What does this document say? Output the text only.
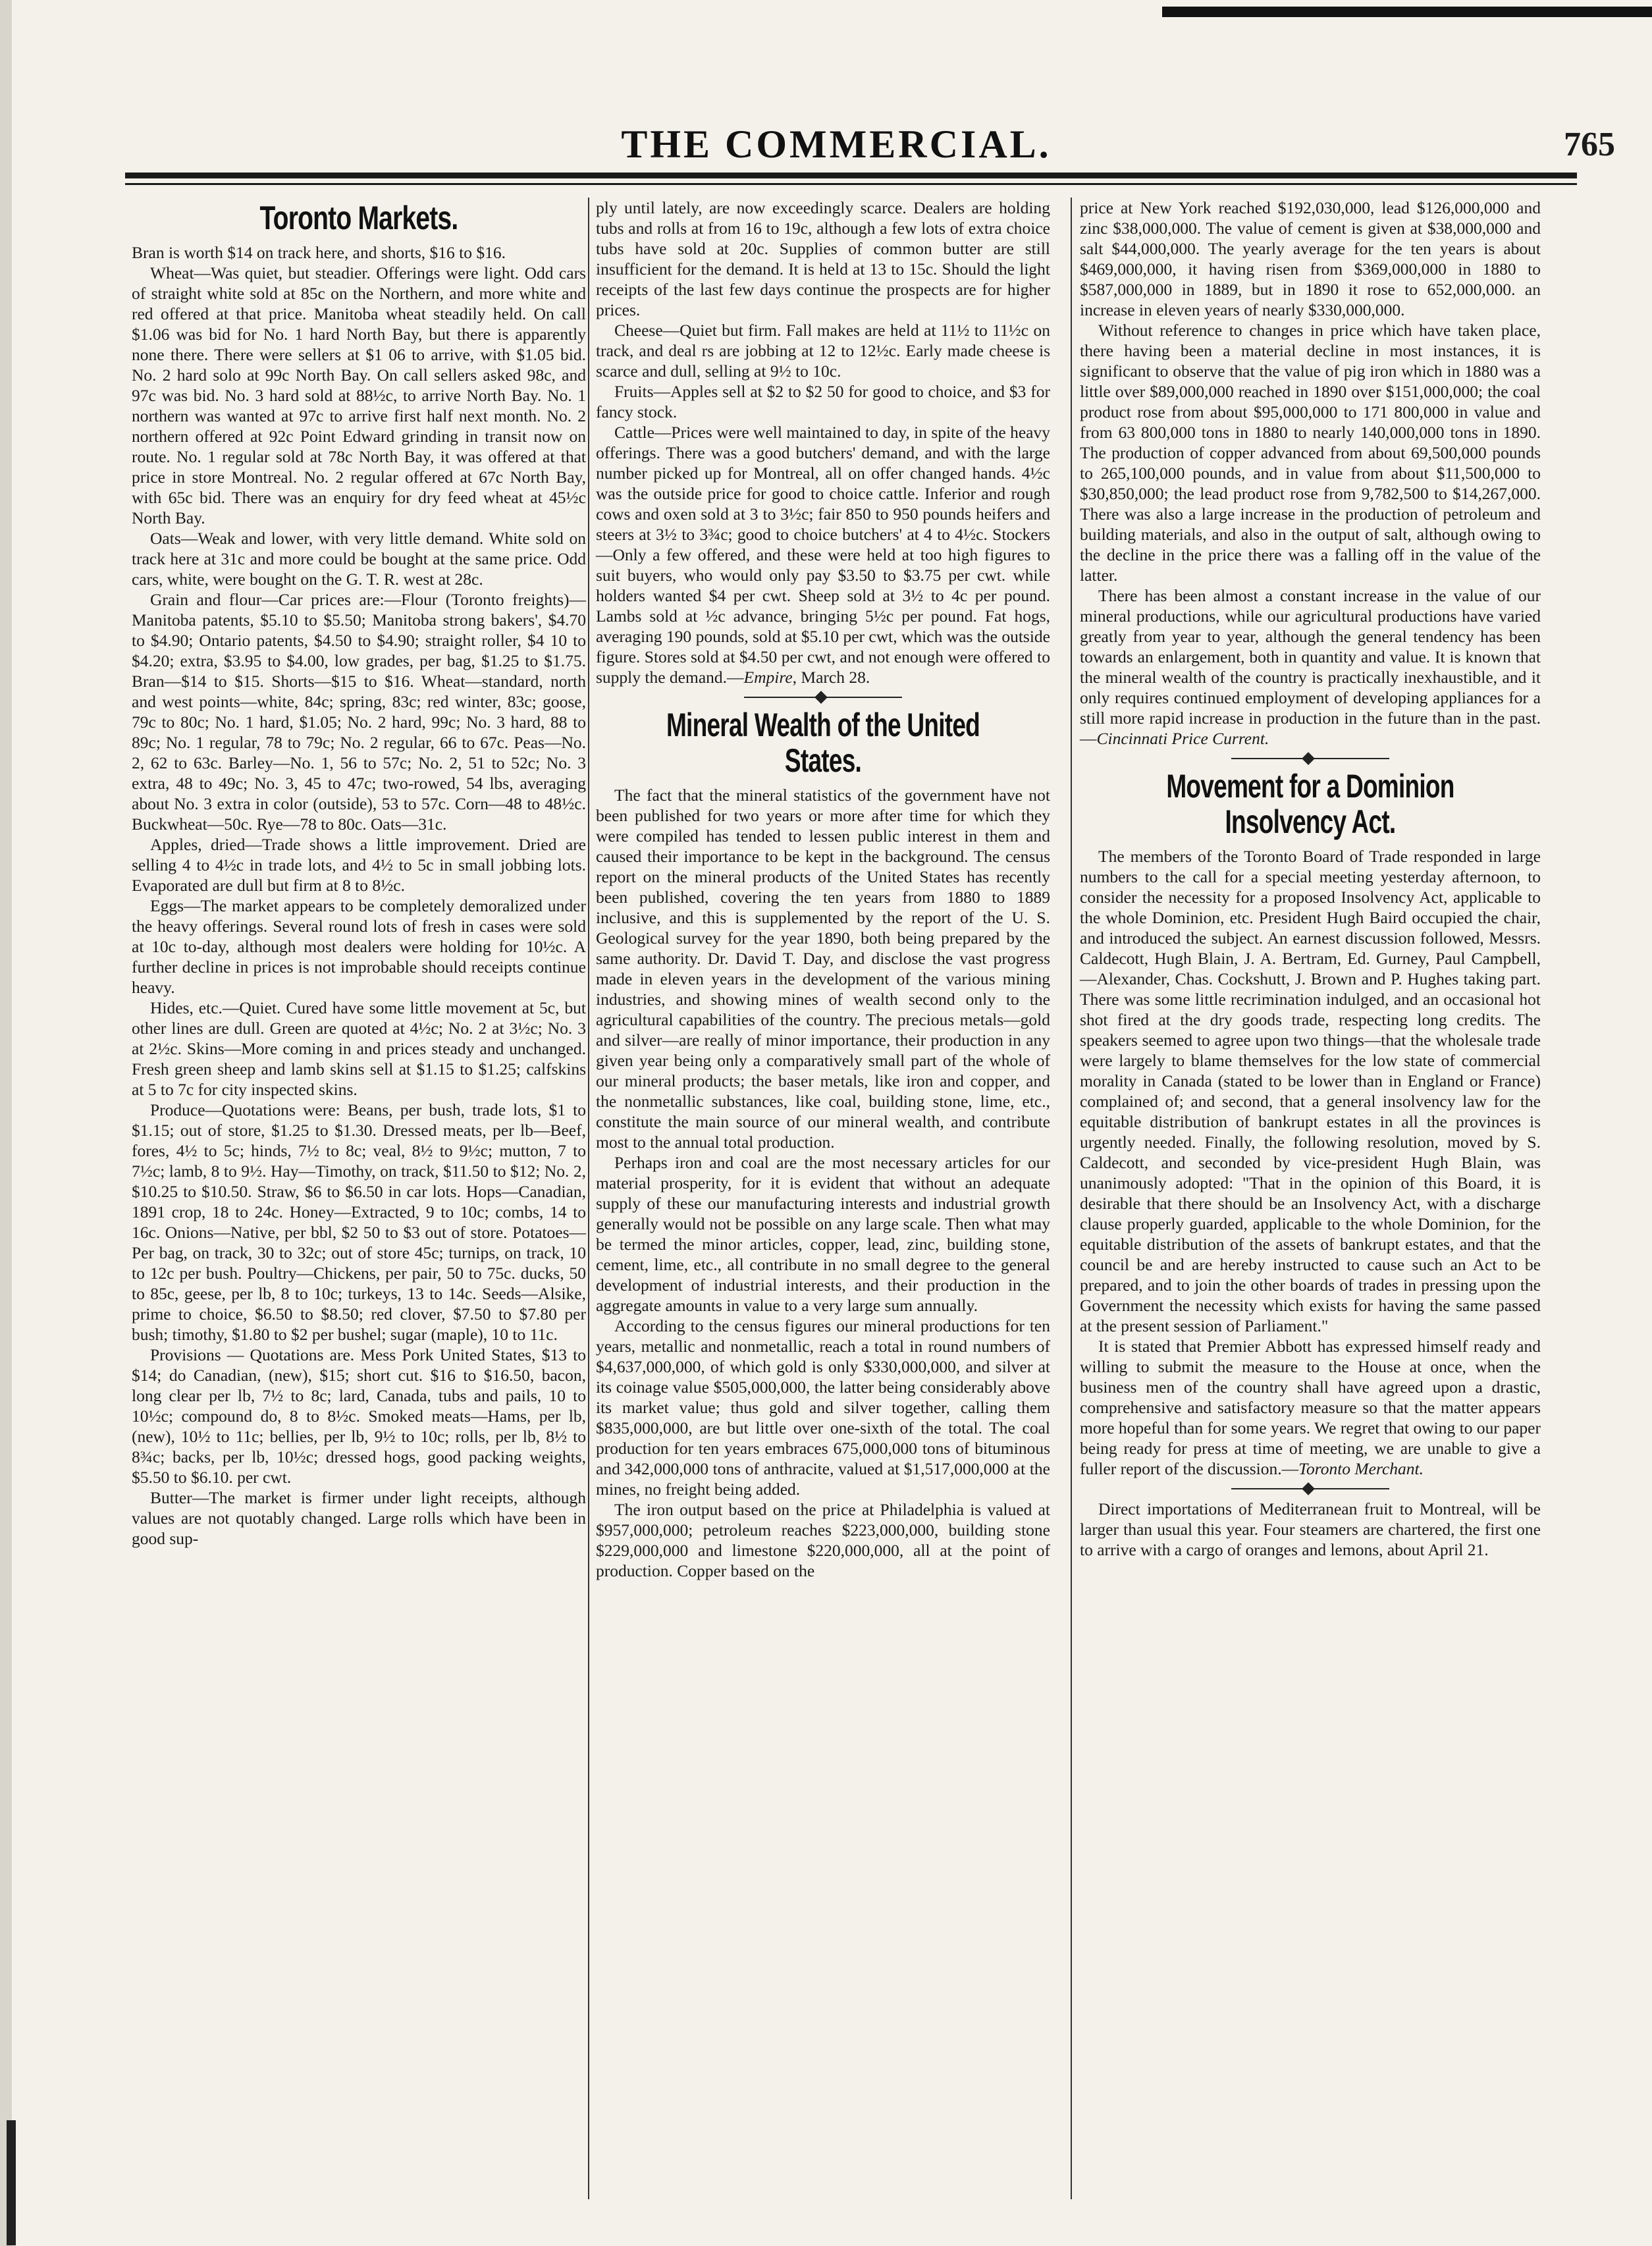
THE COMMERCIAL.	765
Toronto Markets.

Bran is worth $14 on track here, and shorts, $16 to $16.

Wheat—Was quiet, but steadier. Offerings were light. Odd cars of straight white sold at 85c on the Northern, and more white and red offered at that price. Manitoba wheat steadily held. On call $1.06 was bid for No. 1 hard North Bay, but there is apparently none there. There were sellers at $1 06 to arrive, with $1.05 bid. No. 2 hard solo at 99c North Bay. On call sellers asked 98c, and 97c was bid. No. 3 hard sold at 88½c, to arrive North Bay. No. 1 northern was wanted at 97c to arrive first half next month. No. 2 northern offered at 92c Point Edward grinding in transit now on route. No. 1 regular sold at 78c North Bay, it was offered at that price in store Montreal. No. 2 regular offered at 67c North Bay, with 65c bid. There was an enquiry for dry feed wheat at 45½c North Bay.

Oats—Weak and lower, with very little demand. White sold on track here at 31c and more could be bought at the same price. Odd cars, white, were bought on the G. T. R. west at 28c.

Grain and flour—Car prices are:—Flour (Toronto freights)—Manitoba patents, $5.10 to $5.50; Manitoba strong bakers', $4.70 to $4.90; Ontario patents, $4.50 to $4.90; straight roller, $4 10 to $4.20; extra, $3.95 to $4.00, low grades, per bag, $1.25 to $1.75. Bran—$14 to $15. Shorts—$15 to $16. Wheat—standard, north and west points—white, 84c; spring, 83c; red winter, 83c; goose, 79c to 80c; No. 1 hard, $1.05; No. 2 hard, 99c; No. 3 hard, 88 to 89c; No. 1 regular, 78 to 79c; No. 2 regular, 66 to 67c. Peas—No. 2, 62 to 63c. Barley—No. 1, 56 to 57c; No. 2, 51 to 52c; No. 3 extra, 48 to 49c; No. 3, 45 to 47c; two-rowed, 54 lbs, averaging about No. 3 extra in color (outside), 53 to 57c. Corn—48 to 48½c. Buckwheat—50c. Rye—78 to 80c. Oats—31c.

Apples, dried—Trade shows a little improvement. Dried are selling 4 to 4½c in trade lots, and 4½ to 5c in small jobbing lots. Evaporated are dull but firm at 8 to 8½c.

Eggs—The market appears to be completely demoralized under the heavy offerings. Several round lots of fresh in cases were sold at 10c to-day, although most dealers were holding for 10½c. A further decline in prices is not improbable should receipts continue heavy.

Hides, etc.—Quiet. Cured have some little movement at 5c, but other lines are dull. Green are quoted at 4½c; No. 2 at 3½c; No. 3 at 2½c. Skins—More coming in and prices steady and unchanged. Fresh green sheep and lamb skins sell at $1.15 to $1.25; calfskins at 5 to 7c for city inspected skins.

Produce—Quotations were: Beans, per bush, trade lots, $1 to $1.15; out of store, $1.25 to $1.30. Dressed meats, per lb—Beef, fores, 4½ to 5c; hinds, 7½ to 8c; veal, 8½ to 9½c; mutton, 7 to 7½c; lamb, 8 to 9½. Hay—Timothy, on track, $11.50 to $12; No. 2, $10.25 to $10.50. Straw, $6 to $6.50 in car lots. Hops—Canadian, 1891 crop, 18 to 24c. Honey—Extracted, 9 to 10c; combs, 14 to 16c. Onions—Native, per bbl, $2 50 to $3 out of store. Potatoes—Per bag, on track, 30 to 32c; out of store 45c; turnips, on track, 10 to 12c per bush. Poultry—Chickens, per pair, 50 to 75c. ducks, 50 to 85c, geese, per lb, 8 to 10c; turkeys, 13 to 14c. Seeds—Alsike, prime to choice, $6.50 to $8.50; red clover, $7.50 to $7.80 per bush; timothy, $1.80 to $2 per bushel; sugar (maple), 10 to 11c.

Provisions — Quotations are. Mess Pork United States, $13 to $14; do Canadian, (new), $15; short cut. $16 to $16.50, bacon, long clear per lb, 7½ to 8c; lard, Canada, tubs and pails, 10 to 10½c; compound do, 8 to 8½c. Smoked meats—Hams, per lb, (new), 10½ to 11c; bellies, per lb, 9½ to 10c; rolls, per lb, 8½ to 8¾c; backs, per lb, 10½c; dressed hogs, good packing weights, $5.50 to $6.10. per cwt.

Butter—The market is firmer under light receipts, although values are not quotably changed. Large rolls which have been in good sup-

ply until lately, are now exceedingly scarce. Dealers are holding tubs and rolls at from 16 to 19c, although a few lots of extra choice tubs have sold at 20c. Supplies of common butter are still insufficient for the demand. It is held at 13 to 15c. Should the light receipts of the last few days continue the prospects are for higher prices.

Cheese—Quiet but firm. Fall makes are held at 11½ to 11½c on track, and deal rs are jobbing at 12 to 12½c. Early made cheese is scarce and dull, selling at 9½ to 10c.

Fruits—Apples sell at $2 to $2 50 for good to choice, and $3 for fancy stock.

Cattle—Prices were well maintained to day, in spite of the heavy offerings. There was a good butchers' demand, and with the large number picked up for Montreal, all on offer changed hands. 4½c was the outside price for good to choice cattle. Inferior and rough cows and oxen sold at 3 to 3½c; fair 850 to 950 pounds heifers and steers at 3½ to 3¾c; good to choice butchers' at 4 to 4½c. Stockers—Only a few offered, and these were held at too high figures to suit buyers, who would only pay $3.50 to $3.75 per cwt. while holders wanted $4 per cwt. Sheep sold at 3½ to 4c per pound. Lambs sold at ½c advance, bringing 5½c per pound. Fat hogs, averaging 190 pounds, sold at $5.10 per cwt, which was the outside figure. Stores sold at $4.50 per cwt, and not enough were offered to supply the demand.—Empire, March 28.

Mineral Wealth of the United States.

The fact that the mineral statistics of the government have not been published for two years or more after time for which they were compiled has tended to lessen public interest in them and caused their importance to be kept in the background. The census report on the mineral products of the United States has recently been published, covering the ten years from 1880 to 1889 inclusive, and this is supplemented by the report of the U. S. Geological survey for the year 1890, both being prepared by the same authority. Dr. David T. Day, and disclose the vast progress made in eleven years in the development of the various mining industries, and showing mines of wealth second only to the agricultural capabilities of the country. The precious metals—gold and silver—are really of minor importance, their production in any given year being only a comparatively small part of the whole of our mineral products; the baser metals, like iron and copper, and the nonmetallic substances, like coal, building stone, lime, etc., constitute the main source of our mineral wealth, and contribute most to the annual total production.

Perhaps iron and coal are the most necessary articles for our material prosperity, for it is evident that without an adequate supply of these our manufacturing interests and industrial growth generally would not be possible on any large scale. Then what may be termed the minor articles, copper, lead, zinc, building stone, cement, lime, etc., all contribute in no small degree to the general development of industrial interests, and their production in the aggregate amounts in value to a very large sum annually.

According to the census figures our mineral productions for ten years, metallic and nonmetallic, reach a total in round numbers of $4,637,000,000, of which gold is only $330,000,000, and silver at its coinage value $505,000,000, the latter being considerably above its market value; thus gold and silver together, calling them $835,000,000, are but little over one-sixth of the total. The coal production for ten years embraces 675,000,000 tons of bituminous and 342,000,000 tons of anthracite, valued at $1,517,000,000 at the mines, no freight being added.

The iron output based on the price at Philadelphia is valued at $957,000,000; petroleum reaches $223,000,000, building stone $229,000,000 and limestone $220,000,000, all at the point of production. Copper based on the

price at New York reached $192,030,000, lead $126,000,000 and zinc $38,000,000. The value of cement is given at $38,000,000 and salt $44,000,000. The yearly average for the ten years is about $469,000,000, it having risen from $369,000,000 in 1880 to $587,000,000 in 1889, but in 1890 it rose to 652,000,000. an increase in eleven years of nearly $330,000,000.

Without reference to changes in price which have taken place, there having been a material decline in most instances, it is significant to observe that the value of pig iron which in 1880 was a little over $89,000,000 reached in 1890 over $151,000,000; the coal product rose from about $95,000,000 to 171 800,000 in value and from 63 800,000 tons in 1880 to nearly 140,000,000 tons in 1890. The production of copper advanced from about 69,500,000 pounds to 265,100,000 pounds, and in value from about $11,500,000 to $30,850,000; the lead product rose from 9,782,500 to $14,267,000. There was also a large increase in the production of petroleum and building materials, and also in the output of salt, although owing to the decline in the price there was a falling off in the value of the latter.

There has been almost a constant increase in the value of our mineral productions, while our agricultural productions have varied greatly from year to year, although the general tendency has been towards an enlargement, both in quantity and value. It is known that the mineral wealth of the country is practically inexhaustible, and it only requires continued employment of developing appliances for a still more rapid increase in production in the future than in the past.—Cincinnati Price Current.

Movement for a Dominion Insolvency Act.

The members of the Toronto Board of Trade responded in large numbers to the call for a special meeting yesterday afternoon, to consider the necessity for a proposed Insolvency Act, applicable to the whole Dominion, etc. President Hugh Baird occupied the chair, and introduced the subject. An earnest discussion followed, Messrs. Caldecott, Hugh Blain, J. A. Bertram, Ed. Gurney, Paul Campbell,—Alexander, Chas. Cockshutt, J. Brown and P. Hughes taking part. There was some little recrimination indulged, and an occasional hot shot fired at the dry goods trade, respecting long credits. The speakers seemed to agree upon two things—that the wholesale trade were largely to blame themselves for the low state of commercial morality in Canada (stated to be lower than in England or France) complained of; and second, that a general insolvency law for the equitable distribution of bankrupt estates in all the provinces is urgently needed. Finally, the following resolution, moved by S. Caldecott, and seconded by vice-president Hugh Blain, was unanimously adopted: "That in the opinion of this Board, it is desirable that there should be an Insolvency Act, with a discharge clause properly guarded, applicable to the whole Dominion, for the equitable distribution of the assets of bankrupt estates, and that the council be and are hereby instructed to cause such an Act to be prepared, and to join the other boards of trades in pressing upon the Government the necessity which exists for having the same passed at the present session of Parliament."

It is stated that Premier Abbott has expressed himself ready and willing to submit the measure to the House at once, when the business men of the country shall have agreed upon a drastic, comprehensive and satisfactory measure so that the matter appears more hopeful than for some years. We regret that owing to our paper being ready for press at time of meeting, we are unable to give a fuller report of the discussion.—Toronto Merchant.

Direct importations of Mediterranean fruit to Montreal, will be larger than usual this year. Four steamers are chartered, the first one to arrive with a cargo of oranges and lemons, about April 21.
